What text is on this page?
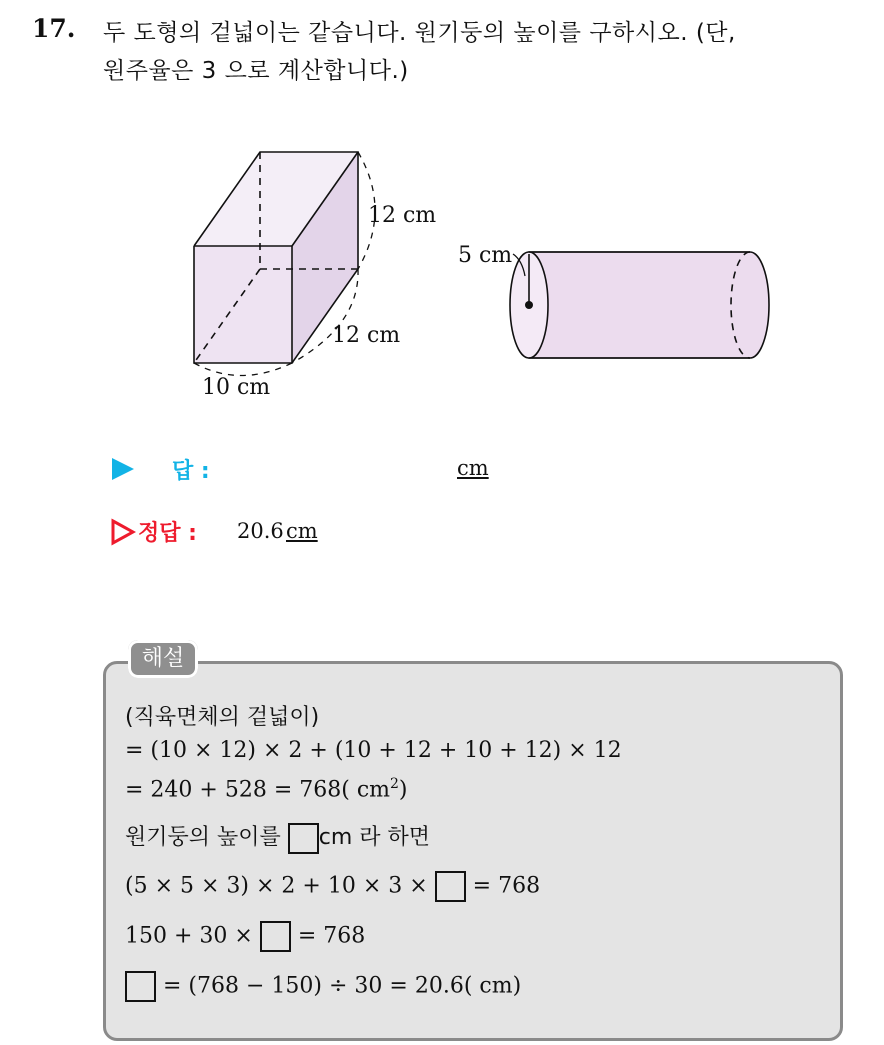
17. 두 도형의 겉넓이는 같습니다. 원기둥의 높이를 구하시오. (단,
원주율은 3 으로 계산합니다.)
12 cm
12 cm
10 cm
5 cm
답 :	cm
정답 : 20.6 cm
해설
(직육면체의 겉넓이)
= (10 × 12) × 2 + (10 + 12 + 10 + 12) × 12
= 240 + 528 = 768( $cm^2$)
원기둥의 높이를 cm 라 하면
(5 × 5 × 3) × 2 + 10 × 3 × = 768
150 + 30 × = 768
= (768 − 150) ÷ 30 = 20.6( cm)
